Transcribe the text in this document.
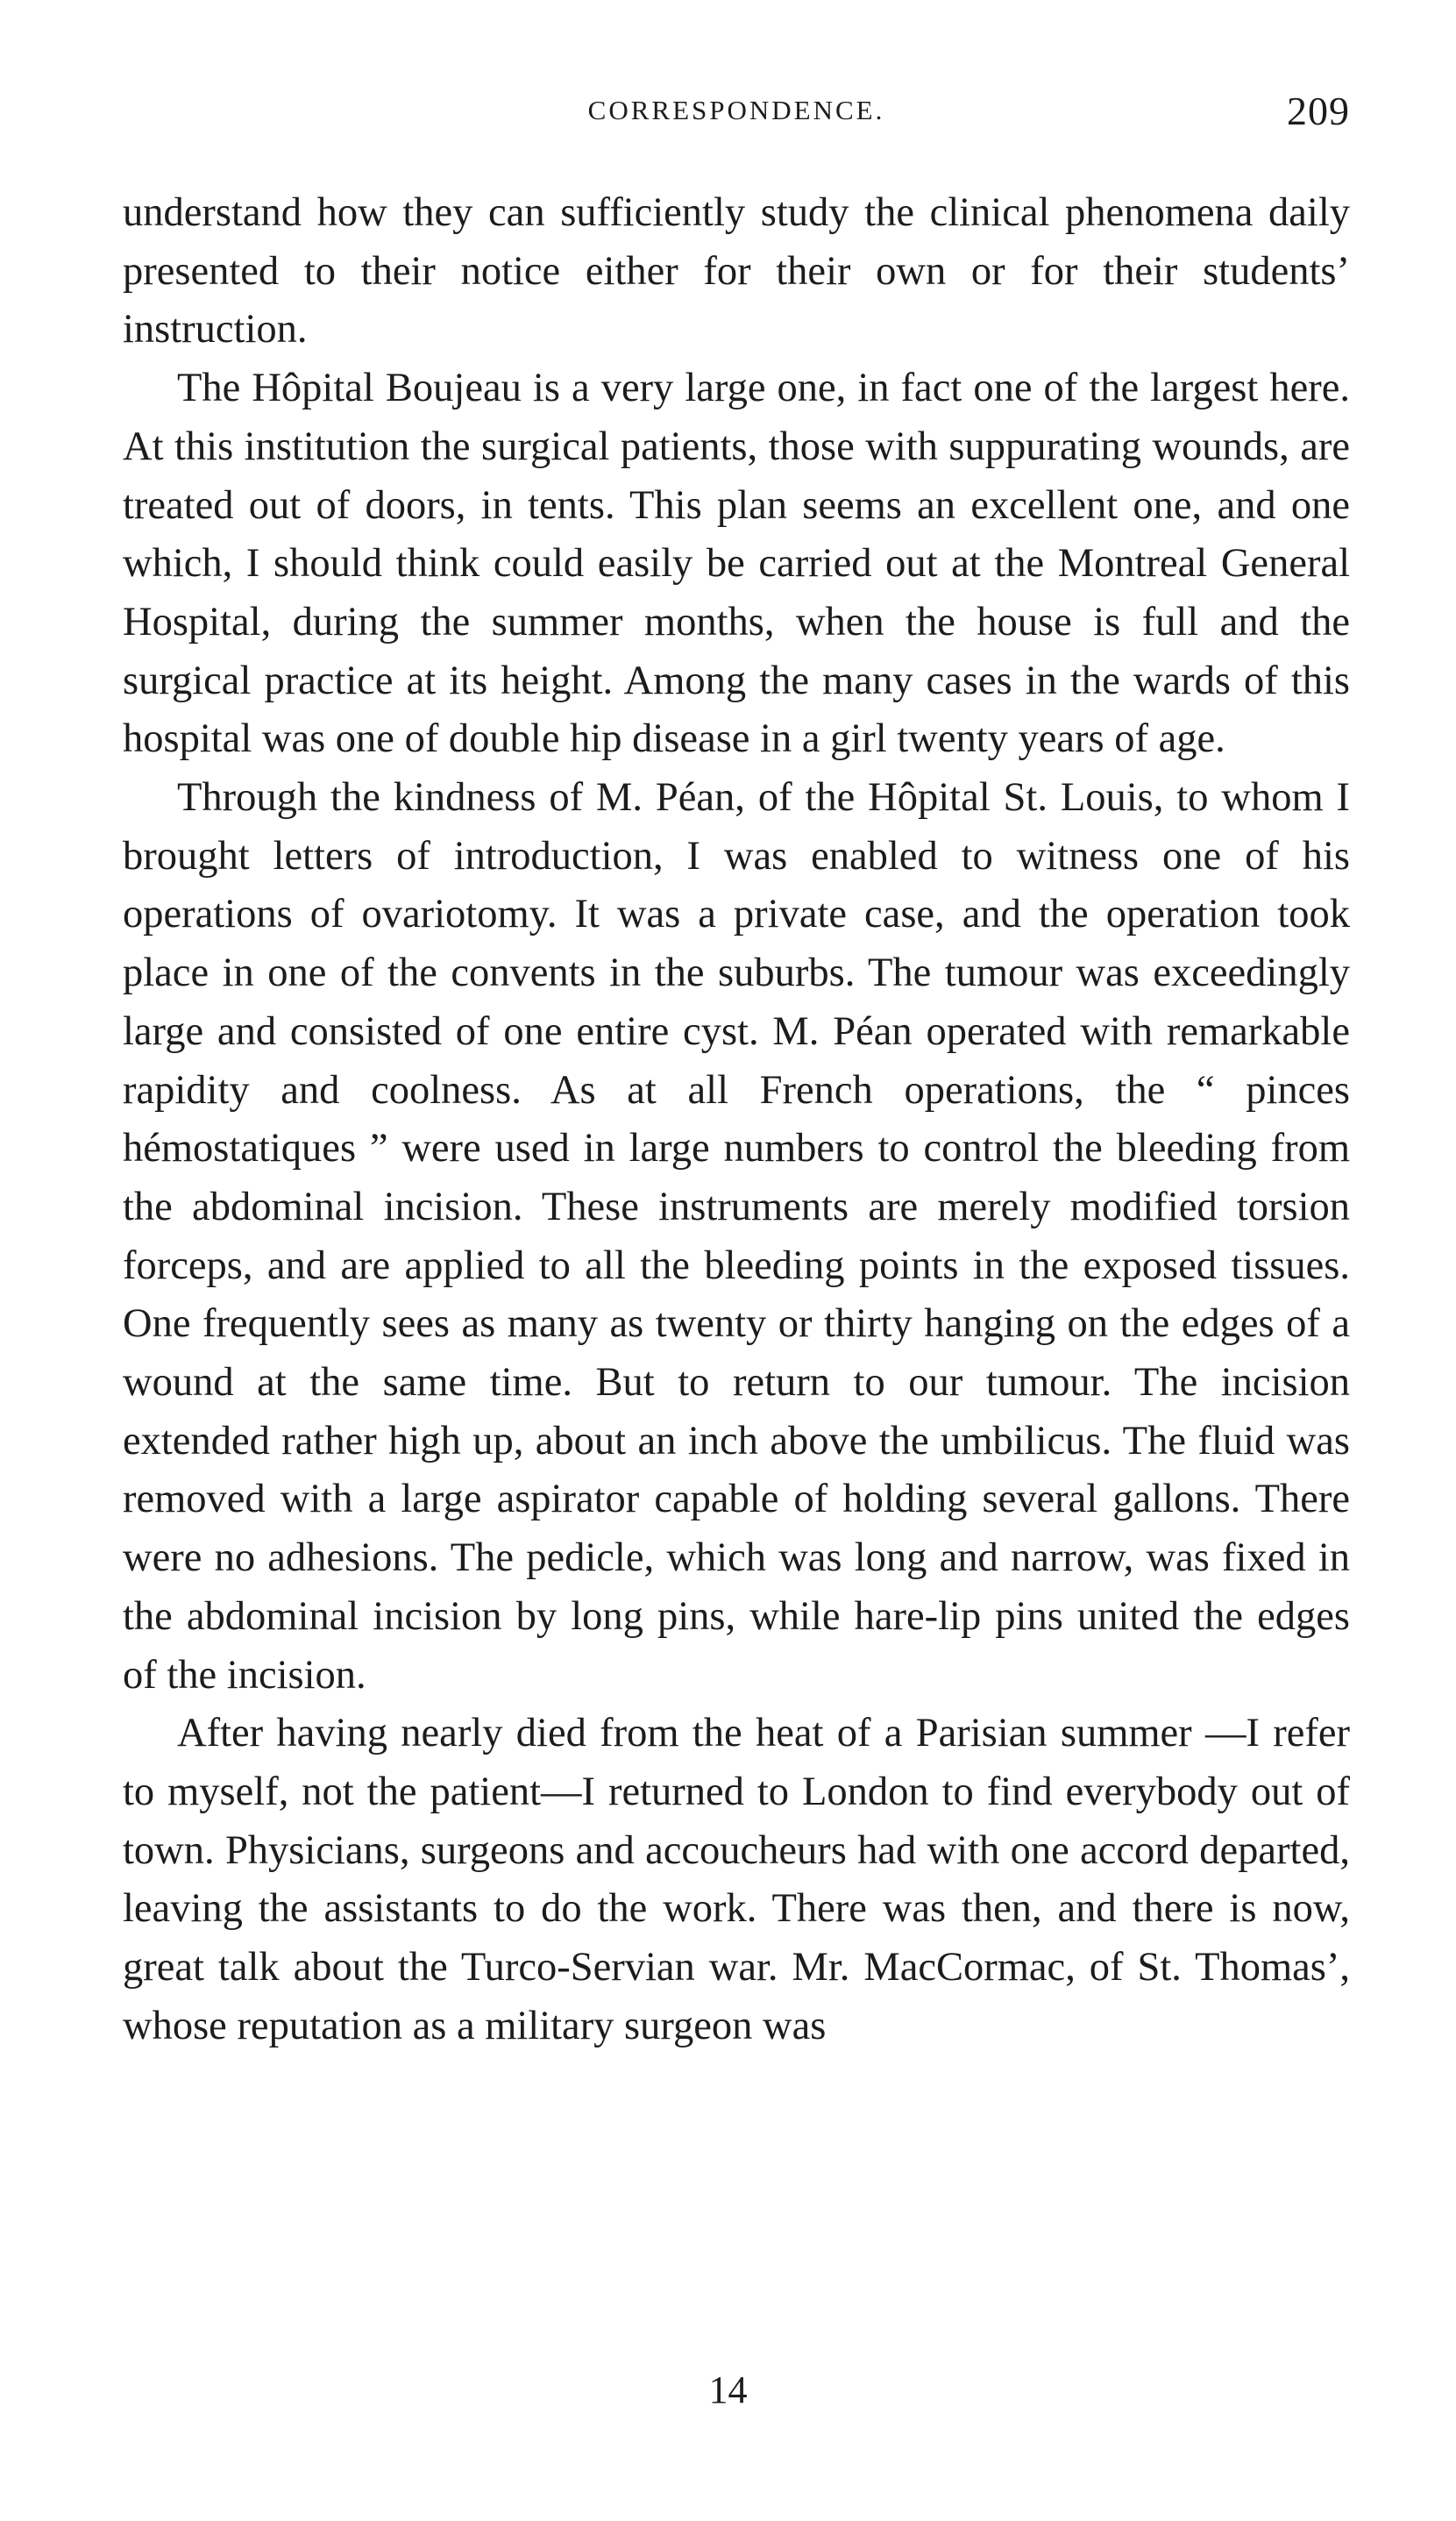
CORRESPONDENCE.	209

understand how they can sufficiently study the clinical phenomena daily presented to their notice either for their own or for their students’ instruction.

The Hôpital Boujeau is a very large one, in fact one of the largest here. At this institution the surgical patients, those with suppurating wounds, are treated out of doors, in tents. This plan seems an excellent one, and one which, I should think could easily be carried out at the Montreal General Hospital, during the summer months, when the house is full and the surgical practice at its height. Among the many cases in the wards of this hospital was one of double hip disease in a girl twenty years of age.

Through the kindness of M. Péan, of the Hôpital St. Louis, to whom I brought letters of introduction, I was enabled to witness one of his operations of ovariotomy. It was a private case, and the operation took place in one of the convents in the suburbs. The tumour was exceedingly large and consisted of one entire cyst. M. Péan operated with remarkable rapidity and coolness. As at all French operations, the “ pinces hémostatiques ” were used in large numbers to control the bleeding from the abdominal incision. These instruments are merely modified torsion forceps, and are applied to all the bleeding points in the exposed tissues. One frequently sees as many as twenty or thirty hanging on the edges of a wound at the same time. But to return to our tumour. The incision extended rather high up, about an inch above the umbilicus. The fluid was removed with a large aspirator capable of holding several gallons. There were no adhesions. The pedicle, which was long and narrow, was fixed in the abdominal incision by long pins, while hare-lip pins united the edges of the incision.

After having nearly died from the heat of a Parisian summer —I refer to myself, not the patient—I returned to London to find everybody out of town. Physicians, surgeons and accoucheurs had with one accord departed, leaving the assistants to do the work. There was then, and there is now, great talk about the Turco-Servian war. Mr. MacCormac, of St. Thomas’, whose reputation as a military surgeon was

14
